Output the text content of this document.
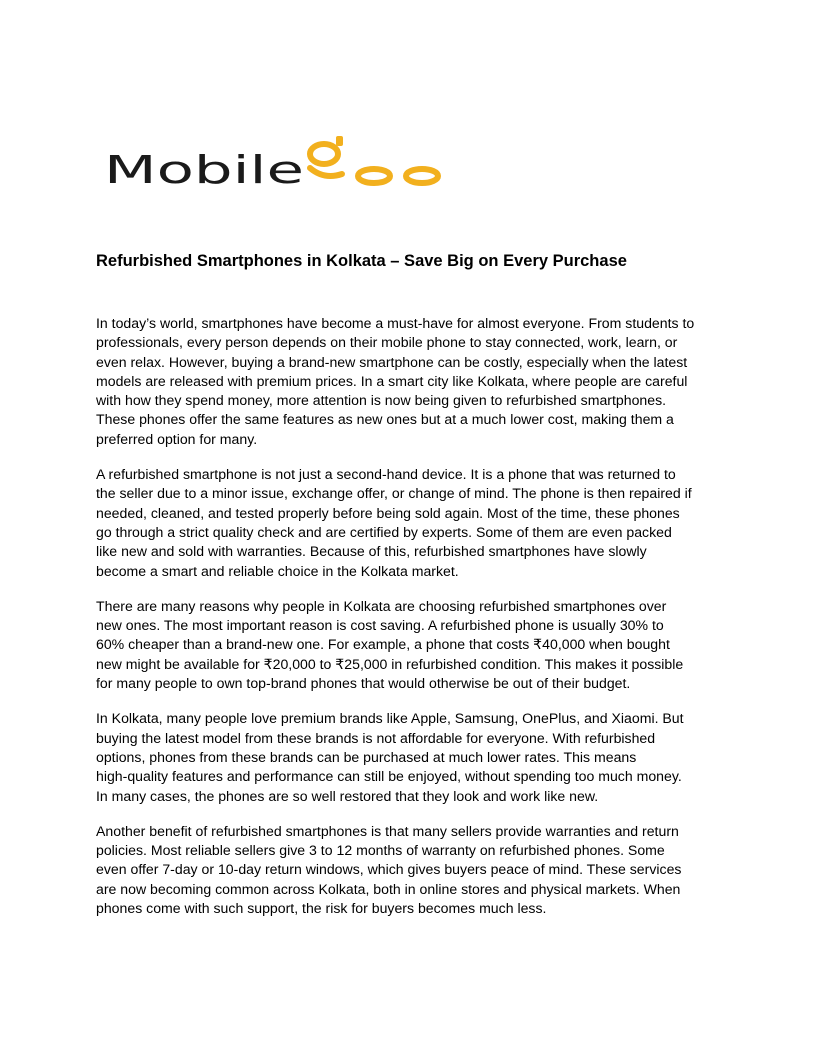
Mobile
Refurbished Smartphones in Kolkata – Save Big on Every Purchase

In today’s world, smartphones have become a must-have for almost everyone. From students to
professionals, every person depends on their mobile phone to stay connected, work, learn, or
even relax. However, buying a brand-new smartphone can be costly, especially when the latest
models are released with premium prices. In a smart city like Kolkata, where people are careful
with how they spend money, more attention is now being given to refurbished smartphones.
These phones offer the same features as new ones but at a much lower cost, making them a
preferred option for many.

A refurbished smartphone is not just a second-hand device. It is a phone that was returned to
the seller due to a minor issue, exchange offer, or change of mind. The phone is then repaired if
needed, cleaned, and tested properly before being sold again. Most of the time, these phones
go through a strict quality check and are certified by experts. Some of them are even packed
like new and sold with warranties. Because of this, refurbished smartphones have slowly
become a smart and reliable choice in the Kolkata market.

There are many reasons why people in Kolkata are choosing refurbished smartphones over
new ones. The most important reason is cost saving. A refurbished phone is usually 30% to
60% cheaper than a brand-new one. For example, a phone that costs ₹40,000 when bought
new might be available for ₹20,000 to ₹25,000 in refurbished condition. This makes it possible
for many people to own top-brand phones that would otherwise be out of their budget.

In Kolkata, many people love premium brands like Apple, Samsung, OnePlus, and Xiaomi. But
buying the latest model from these brands is not affordable for everyone. With refurbished
options, phones from these brands can be purchased at much lower rates. This means
high-quality features and performance can still be enjoyed, without spending too much money.
In many cases, the phones are so well restored that they look and work like new.

Another benefit of refurbished smartphones is that many sellers provide warranties and return
policies. Most reliable sellers give 3 to 12 months of warranty on refurbished phones. Some
even offer 7-day or 10-day return windows, which gives buyers peace of mind. These services
are now becoming common across Kolkata, both in online stores and physical markets. When
phones come with such support, the risk for buyers becomes much less.
